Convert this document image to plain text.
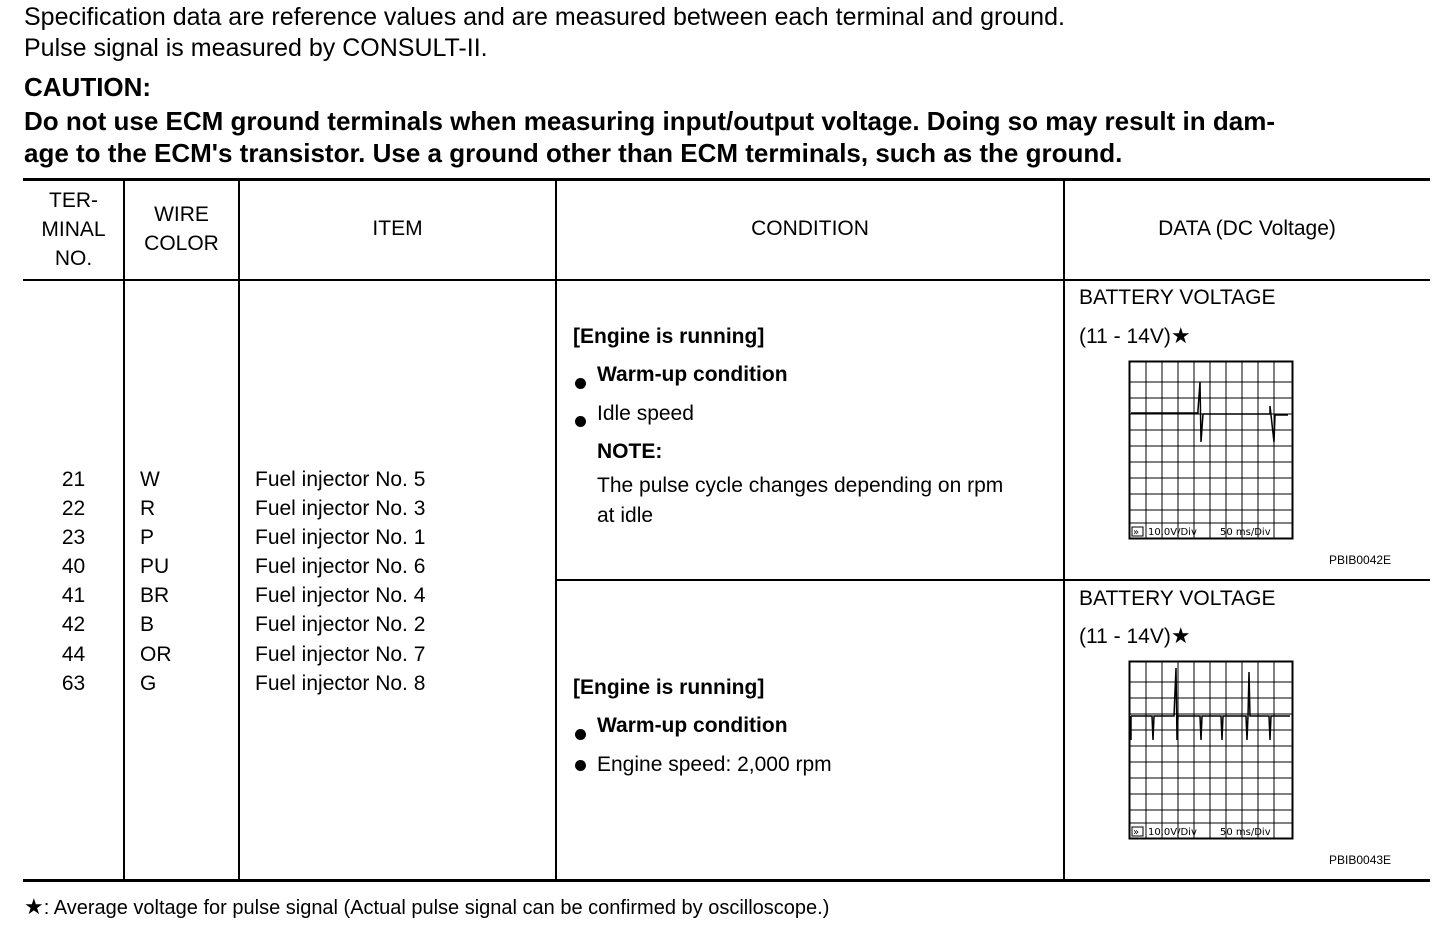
Specification data are reference values and are measured between each terminal and ground.
Pulse signal is measured by CONSULT-II.
CAUTION:
Do not use ECM ground terminals when measuring input/output voltage. Doing so may result in dam-
age to the ECM's transistor. Use a ground other than ECM terminals, such as the ground.
TER-
MINAL
NO.
WIRE
COLOR
ITEM	CONDITION	DATA (DC Voltage)
21
22
23
40
41
42
44
63
W
R
P
PU
BR
B
OR
G
Fuel injector No. 5
Fuel injector No. 3
Fuel injector No. 1
Fuel injector No. 6
Fuel injector No. 4
Fuel injector No. 2
Fuel injector No. 7
Fuel injector No. 8
[Engine is running]
Warm-up condition
Idle speed
NOTE:
The pulse cycle changes depending on rpm
at idle
[Engine is running]
Warm-up condition
Engine speed: 2,000 rpm
BATTERY VOLTAGE
(11 - 14V)★
» 10.0V/Div 50 ms/Div
PBIB0042E
BATTERY VOLTAGE
(11 - 14V)★
» 10.0V/Div 50 ms/Div
PBIB0043E
★: Average voltage for pulse signal (Actual pulse signal can be confirmed by oscilloscope.)
